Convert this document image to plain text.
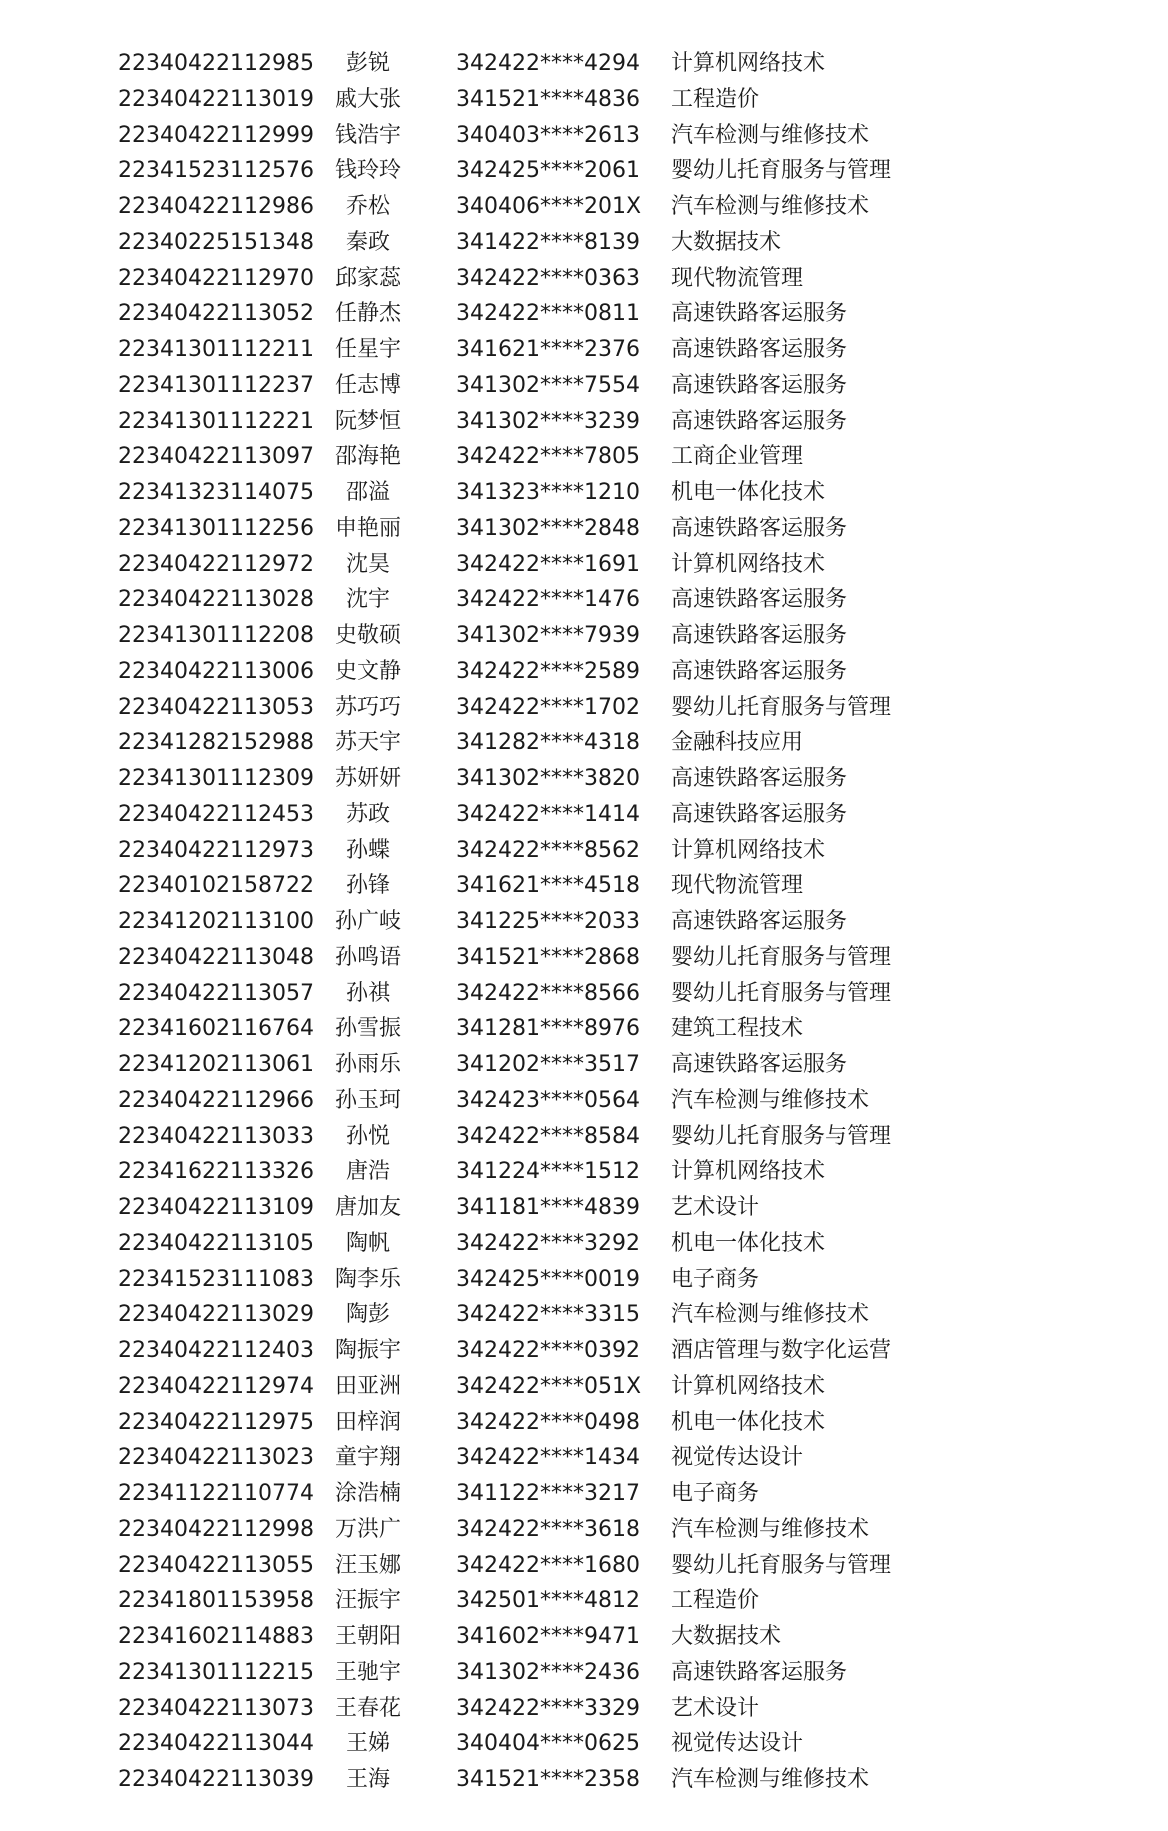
22340422112985	彭锐	342422****4294	计算机网络技术
22340422113019 戚大张	341521****4836	工程造价
22340422112999 钱浩宇	340403****2613	汽车检测与维修技术
22341523112576 钱玲玲	342425****2061	婴幼儿托育服务与管理
22340422112986	乔松	340406****201X	汽车检测与维修技术
22340225151348	秦政	341422****8139	大数据技术
22340422112970 邱家蕊	342422****0363	现代物流管理
22340422113052 任静杰	342422****0811	高速铁路客运服务
22341301112211 任星宇	341621****2376	高速铁路客运服务
22341301112237 任志博	341302****7554	高速铁路客运服务
22341301112221 阮梦恒	341302****3239	高速铁路客运服务
22340422113097 邵海艳	342422****7805	工商企业管理
22341323114075	邵溢	341323****1210	机电一体化技术
22341301112256 申艳丽	341302****2848	高速铁路客运服务
22340422112972	沈昊	342422****1691	计算机网络技术
22340422113028	沈宇	342422****1476	高速铁路客运服务
22341301112208 史敬硕	341302****7939	高速铁路客运服务
22340422113006 史文静	342422****2589	高速铁路客运服务
22340422113053 苏巧巧	342422****1702	婴幼儿托育服务与管理
22341282152988 苏天宇	341282****4318	金融科技应用
22341301112309 苏妍妍	341302****3820	高速铁路客运服务
22340422112453	苏政	342422****1414	高速铁路客运服务
22340422112973	孙蝶	342422****8562	计算机网络技术
22340102158722	孙锋	341621****4518	现代物流管理
22341202113100 孙广岐	341225****2033	高速铁路客运服务
22340422113048 孙鸣语	341521****2868	婴幼儿托育服务与管理
22340422113057	孙祺	342422****8566	婴幼儿托育服务与管理
22341602116764 孙雪振	341281****8976	建筑工程技术
22341202113061 孙雨乐	341202****3517	高速铁路客运服务
22340422112966 孙玉珂	342423****0564	汽车检测与维修技术
22340422113033	孙悦	342422****8584	婴幼儿托育服务与管理
22341622113326	唐浩	341224****1512	计算机网络技术
22340422113109 唐加友	341181****4839	艺术设计
22340422113105	陶帆	342422****3292	机电一体化技术
22341523111083 陶李乐	342425****0019	电子商务
22340422113029	陶彭	342422****3315	汽车检测与维修技术
22340422112403 陶振宇	342422****0392	酒店管理与数字化运营
22340422112974 田亚洲	342422****051X	计算机网络技术
22340422112975 田梓润	342422****0498	机电一体化技术
22340422113023 童宇翔	342422****1434	视觉传达设计
22341122110774 涂浩楠	341122****3217	电子商务
22340422112998 万洪广	342422****3618	汽车检测与维修技术
22340422113055 汪玉娜	342422****1680	婴幼儿托育服务与管理
22341801153958 汪振宇	342501****4812	工程造价
22341602114883 王朝阳	341602****9471	大数据技术
22341301112215 王驰宇	341302****2436	高速铁路客运服务
22340422113073 王春花	342422****3329	艺术设计
22340422113044	王娣	340404****0625	视觉传达设计
22340422113039	王海	341521****2358	汽车检测与维修技术
